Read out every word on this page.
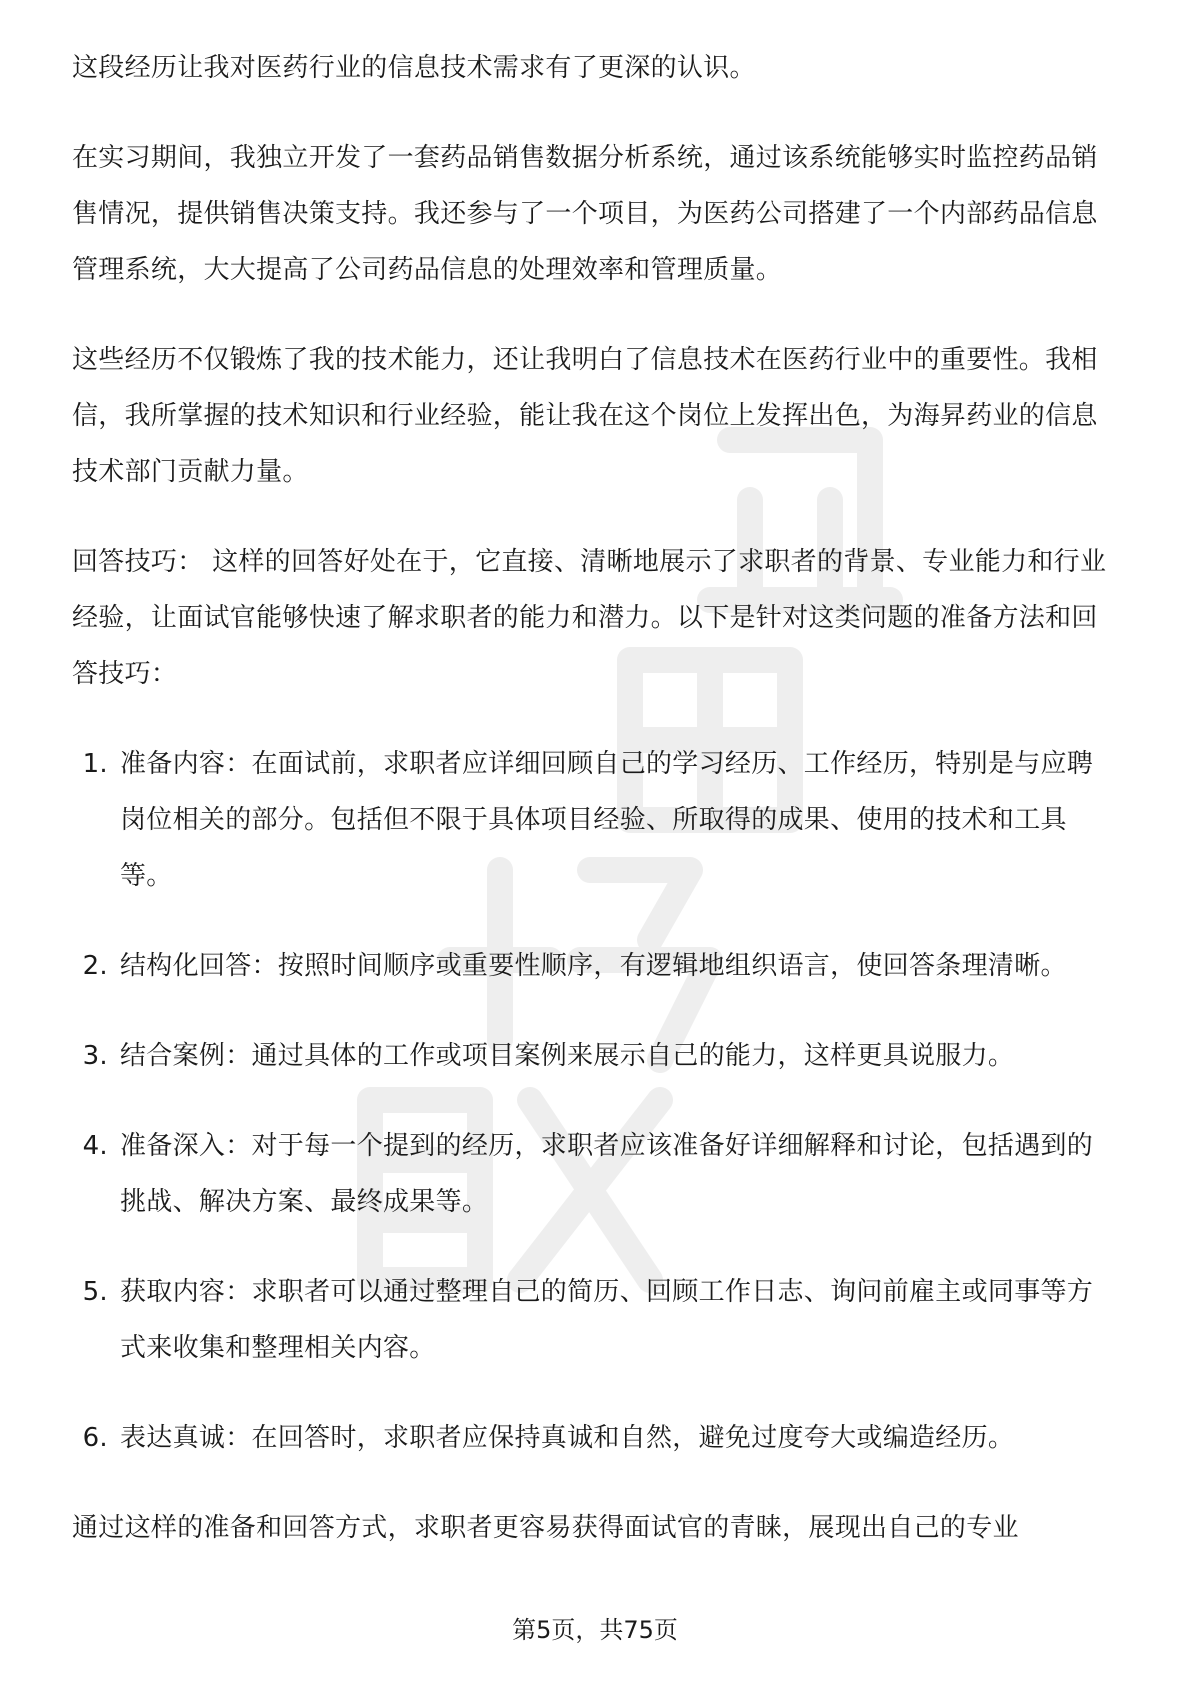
职场密码

这段经历让我对医药行业的信息技术需求有了更深的认识。

在实习期间，我独立开发了一套药品销售数据分析系统，通过该系统能够实时监控药品销售情况，提供销售决策支持。我还参与了一个项目，为医药公司搭建了一个内部药品信息管理系统，大大提高了公司药品信息的处理效率和管理质量。

这些经历不仅锻炼了我的技术能力，还让我明白了信息技术在医药行业中的重要性。我相信，我所掌握的技术知识和行业经验，能让我在这个岗位上发挥出色，为海昇药业的信息技术部门贡献力量。

回答技巧： 这样的回答好处在于，它直接、清晰地展示了求职者的背景、专业能力和行业经验，让面试官能够快速了解求职者的能力和潜力。以下是针对这类问题的准备方法和回答技巧：

1. 准备内容：在面试前，求职者应详细回顾自己的学习经历、工作经历，特别是与应聘岗位相关的部分。包括但不限于具体项目经验、所取得的成果、使用的技术和工具等。
2. 结构化回答：按照时间顺序或重要性顺序，有逻辑地组织语言，使回答条理清晰。
3. 结合案例：通过具体的工作或项目案例来展示自己的能力，这样更具说服力。
4. 准备深入：对于每一个提到的经历，求职者应该准备好详细解释和讨论，包括遇到的挑战、解决方案、最终成果等。
5. 获取内容：求职者可以通过整理自己的简历、回顾工作日志、询问前雇主或同事等方式来收集和整理相关内容。
6. 表达真诚：在回答时，求职者应保持真诚和自然，避免过度夸大或编造经历。

通过这样的准备和回答方式，求职者更容易获得面试官的青睐，展现出自己的专业

第5页，共75页
